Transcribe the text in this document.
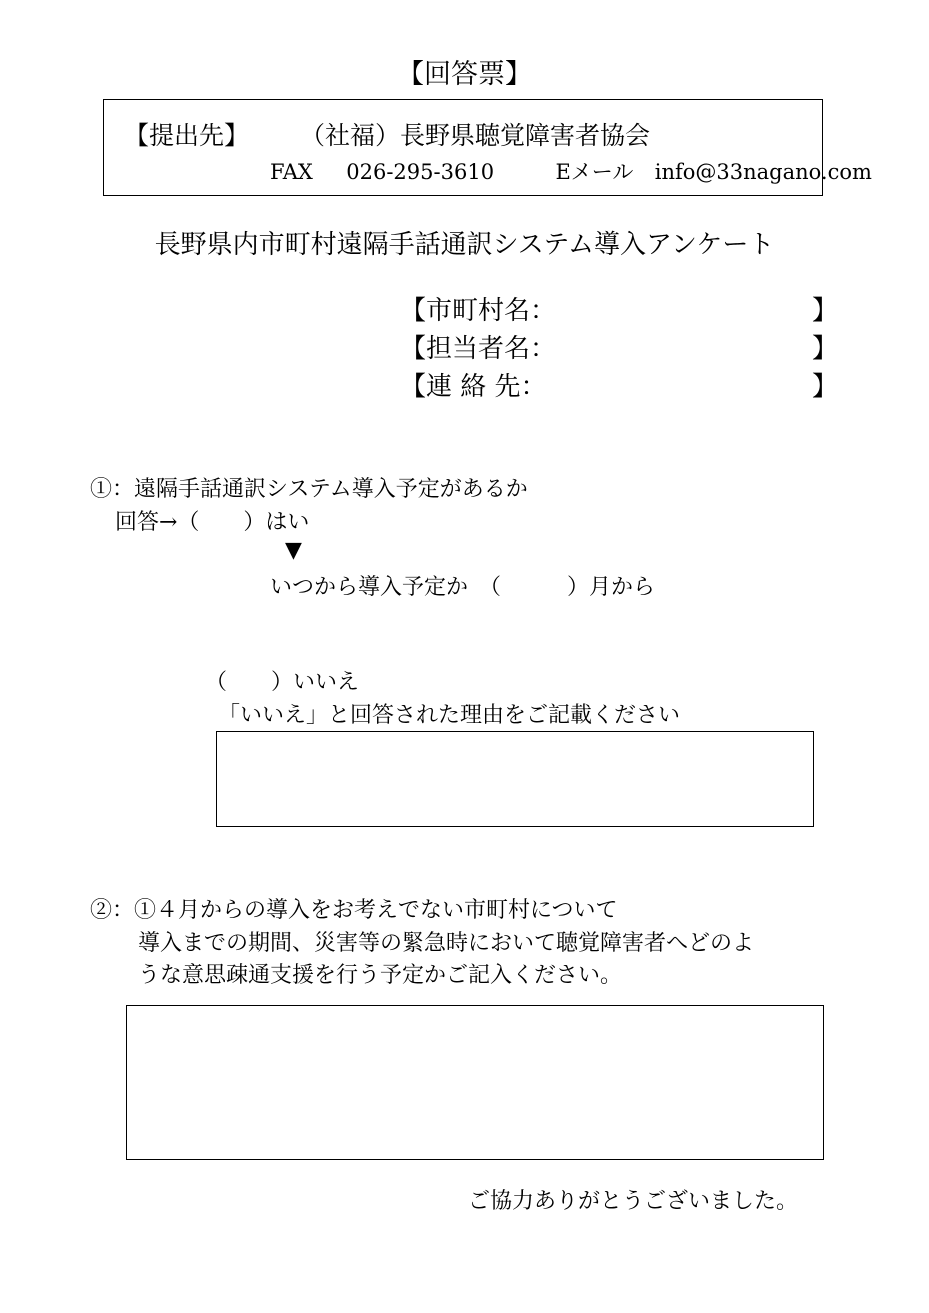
【回答票】
【提出先】 （社福）長野県聴覚障害者協会
FAX 026-295-3610	Eメール info@33nagano.com
長野県内市町村遠隔手話通訳システム導入アンケート
【市町村名：	】
【担当者名：	】
【連 絡 先：	】
①：遠隔手話通訳システム導入予定があるか
回答→（　　）はい
▼
いつから導入予定か　（　　　）月から
（　　）いいえ
「いいえ」と回答された理由をご記載ください
②：①４月からの導入をお考えでない市町村について
導入までの期間、災害等の緊急時において聴覚障害者へどのよ
うな意思疎通支援を行う予定かご記入ください。
ご協力ありがとうございました。
